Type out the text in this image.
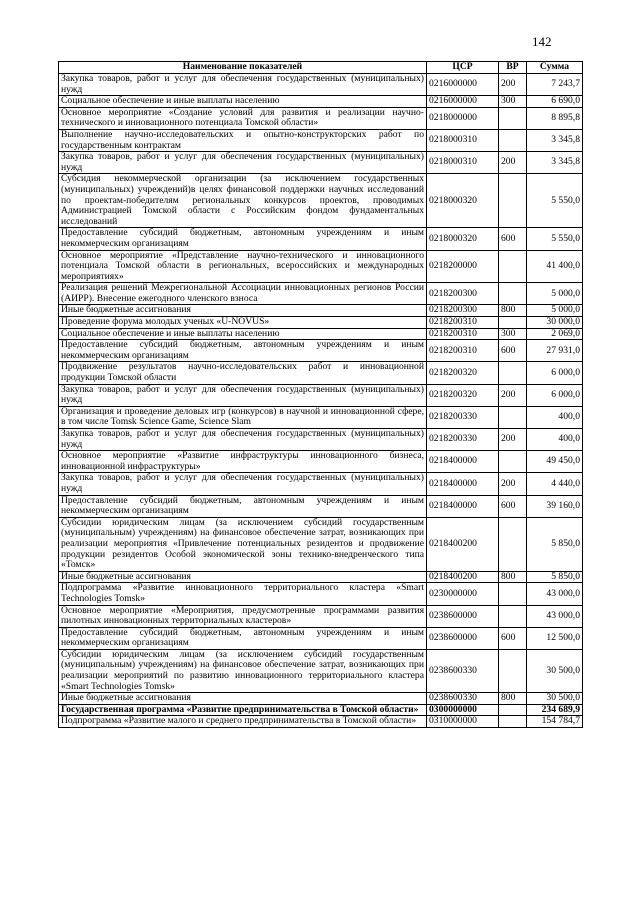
142
Наименование показателей	ЦСР	ВР	Сумма
Закупка товаров, работ и услуг для обеспечения государственных (муниципальных) нужд	0216000000	200	7 243,7
Социальное обеспечение и иные выплаты населению	0216000000	300	6 690,0
Основное мероприятие «Создание условий для развития и реализации научно-технического и инновационного потенциала Томской области»	0218000000		8 895,8
Выполнение научно-исследовательских и опытно-конструкторских работ по государственным контрактам	0218000310		3 345,8
Закупка товаров, работ и услуг для обеспечения государственных (муниципальных) нужд	0218000310	200	3 345,8
Субсидия некоммерческой организации (за исключением государственных (муниципальных) учреждений)в целях финансовой поддержки научных исследований по проектам-победителям региональных конкурсов проектов, проводимых Администрацией Томской области с Российским фондом фундаментальных исследований	0218000320		5 550,0
Предоставление субсидий бюджетным, автономным учреждениям и иным некоммерческим организациям	0218000320	600	5 550,0
Основное мероприятие «Представление научно-технического и инновационного потенциала Томской области в региональных, всероссийских и международных мероприятиях»	0218200000		41 400,0
Реализация решений Межрегиональной Ассоциации инновационных регионов России (АИРР). Внесение ежегодного членского взноса	0218200300		5 000,0
Иные бюджетные ассигнования	0218200300	800	5 000,0
Проведение форума молодых ученых «U-NOVUS»	0218200310		30 000,0
Социальное обеспечение и иные выплаты населению	0218200310	300	2 069,0
Предоставление субсидий бюджетным, автономным учреждениям и иным некоммерческим организациям	0218200310	600	27 931,0
Продвижение результатов научно-исследовательских работ и инновационной продукции Томской области	0218200320		6 000,0
Закупка товаров, работ и услуг для обеспечения государственных (муниципальных) нужд	0218200320	200	6 000,0
Организация и проведение деловых игр (конкурсов) в научной и инновационной сфере, в том числе Tomsk Science Game, Science Slam	0218200330		400,0
Закупка товаров, работ и услуг для обеспечения государственных (муниципальных) нужд	0218200330	200	400,0
Основное мероприятие «Развитие инфраструктуры инновационного бизнеса, инновационной инфраструктуры»	0218400000		49 450,0
Закупка товаров, работ и услуг для обеспечения государственных (муниципальных) нужд	0218400000	200	4 440,0
Предоставление субсидий бюджетным, автономным учреждениям и иным некоммерческим организациям	0218400000	600	39 160,0
Субсидии юридическим лицам (за исключением субсидий государственным (муниципальным) учреждениям) на финансовое обеспечение затрат, возникающих при реализации мероприятия «Привлечение потенциальных резидентов и продвижение продукции резидентов Особой экономической зоны технико-внедренческого типа «Томск»	0218400200		5 850,0
Иные бюджетные ассигнования	0218400200	800	5 850,0
Подпрограмма «Развитие инновационного территориального кластера «Smart Technologies Tomsk»	0230000000		43 000,0
Основное мероприятие «Мероприятия, предусмотренные программами развития пилотных инновационных территориальных кластеров»	0238600000		43 000,0
Предоставление субсидий бюджетным, автономным учреждениям и иным некоммерческим организациям	0238600000	600	12 500,0
Субсидии юридическим лицам (за исключением субсидий государственным (муниципальным) учреждениям) на финансовое обеспечение затрат, возникающих при реализации мероприятий по развитию инновационного территориального кластера «Smart Technologies Tomsk»	0238600330		30 500,0
Иные бюджетные ассигнования	0238600330	800	30 500,0
Государственная программа «Развитие предпринимательства в Томской области»	0300000000		234 689,9
Подпрограмма «Развитие малого и среднего предпринимательства в Томской области»	0310000000		154 784,7
